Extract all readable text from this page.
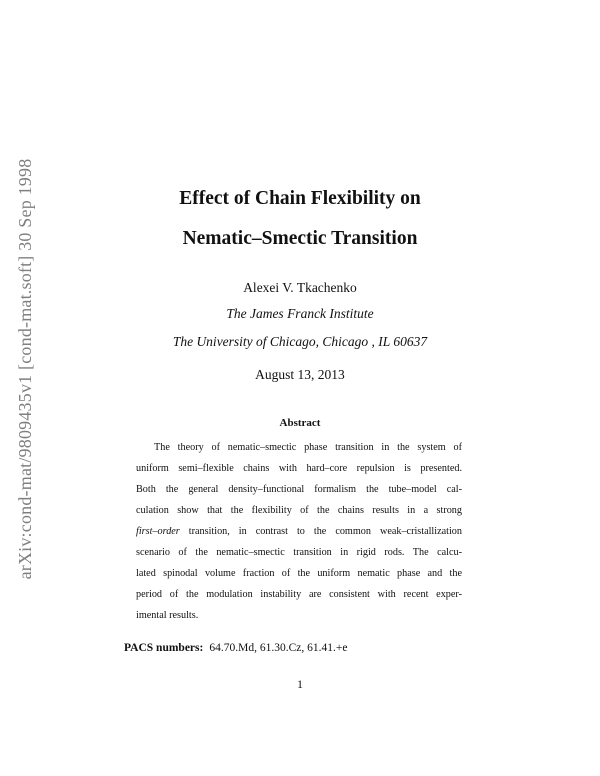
arXiv:cond-mat/9809435v1 [cond-mat.soft] 30 Sep 1998	Effect of Chain Flexibility on
Nematic–Smectic Transition
Alexei V. Tkachenko
The James Franck Institute
The University of Chicago, Chicago , IL 60637
August 13, 2013
Abstract
The theory of nematic–smectic phase transition in the system of
uniform semi–flexible chains with hard–core repulsion is presented.
Both the general density–functional formalism the tube–model cal-
culation show that the flexibility of the chains results in a strong
first–order transition, in contrast to the common weak–cristallization
scenario of the nematic–smectic transition in rigid rods. The calcu-
lated spinodal volume fraction of the uniform nematic phase and the
period of the modulation instability are consistent with recent exper-
imental results.
PACS numbers: 64.70.Md, 61.30.Cz, 61.41.+e
1
